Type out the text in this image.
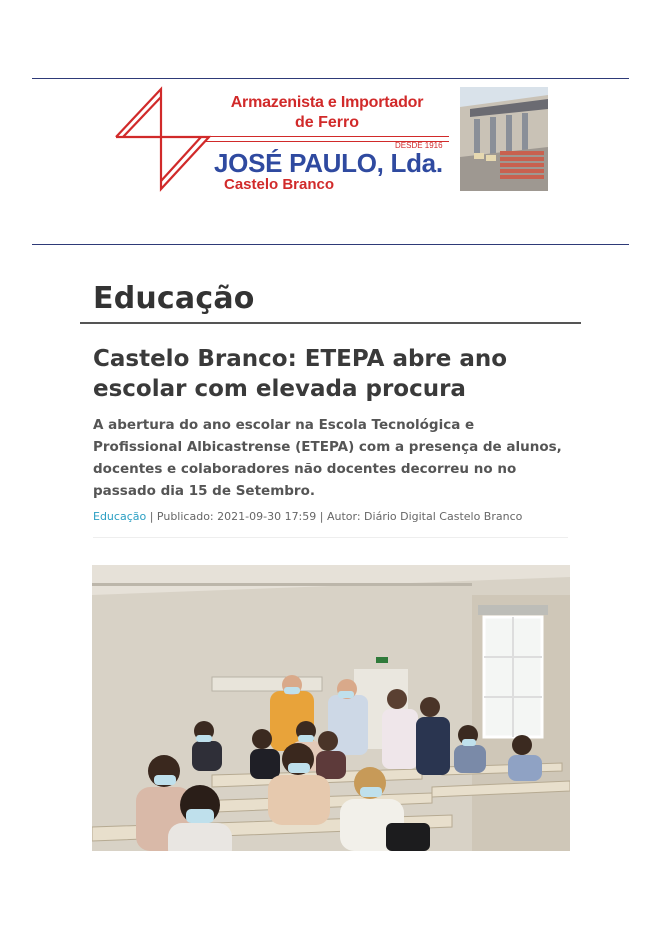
Armazenista e Importador
de Ferro
DESDE 1916
JOSÉ PAULO, Lda.
Castelo Branco
Educação
Castelo Branco: ETEPA abre ano escolar com elevada procura
A abertura do ano escolar na Escola Tecnológica e Profissional Albicastrense (ETEPA) com a presença de alunos, docentes e colaboradores não docentes decorreu no no passado dia 15 de Setembro.
Educação | Publicado: 2021-09-30 17:59 | Autor: Diário Digital Castelo Branco
